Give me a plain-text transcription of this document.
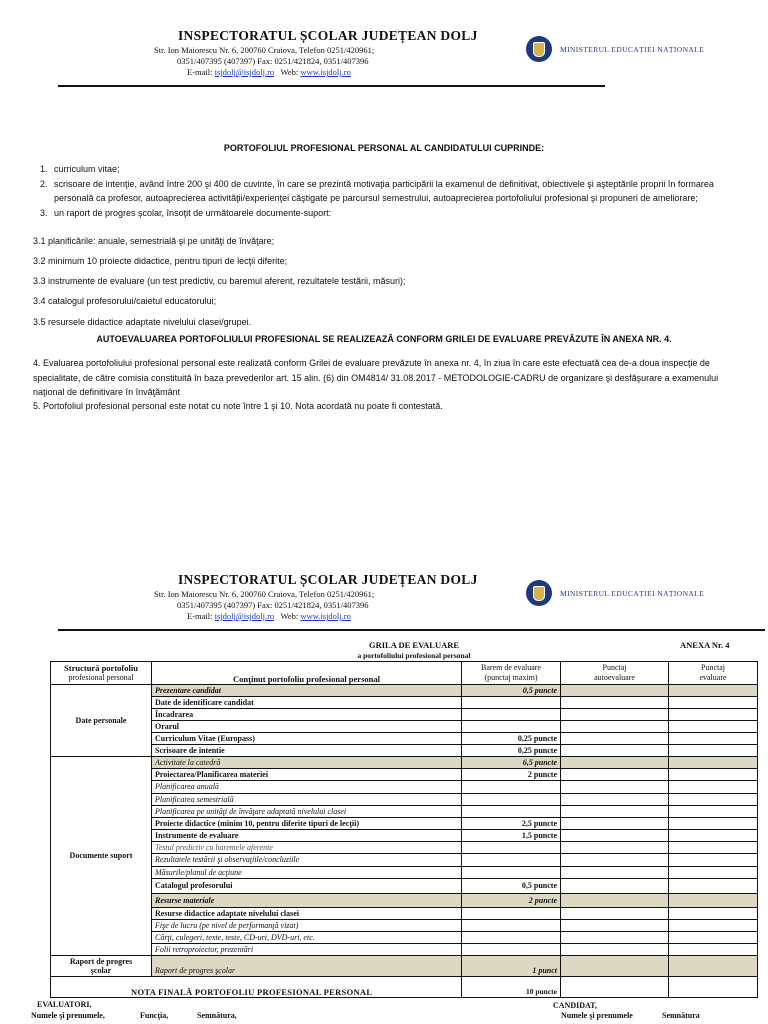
INSPECTORATUL ȘCOLAR JUDEȚEAN DOLJ
Str. Ion Maiorescu Nr. 6, 200760 Craiova, Telefon 0251/420961;
0351/407395 (407397) Fax: 0251/421824, 0351/407396
E-mail: isjdolj@isjdolj.ro Web: www.isjdolj.ro
MINISTERUL EDUCAȚIEI NAȚIONALE
PORTOFOLIUL PROFESIONAL PERSONAL AL CANDIDATULUI CUPRINDE:
1. curriculum vitae;
2. scrisoare de intenţie, având între 200 şi 400 de cuvinte, în care se prezintă motivaţia participării la examenul de definitivat, obiectivele şi aşteptările proprii în formarea personală ca profesor, autoaprecierea activităţii/experienţei căştigate pe parcursul semestrului, autoaprecierea portofoliului profesional şi propuneri de ameliorare;
3. un raport de progres şcolar, însoţit de următoarele documente-suport:
3.1 planificările: anuale, semestrială şi pe unităţi de învăţare;
3.2 minimum 10 proiecte didactice, pentru tipuri de lecţii diferite;
3.3 instrumente de evaluare (un test predictiv, cu baremul aferent, rezultatele testării, măsuri);
3.4 catalogul profesorului/caietul educatorului;
3.5 resursele didactice adaptate nivelului clasei/grupei.
AUTOEVALUAREA PORTOFOLIULUI PROFESIONAL SE REALIZEAZĂ CONFORM GRILEI DE EVALUARE PREVĂZUTE ÎN ANEXA NR. 4.
4. Evaluarea portofoliului profesional personal este realizată conform Grilei de evaluare prevăzute în anexa nr. 4, în ziua în care este efectuată cea de-a doua inspecţie de specialitate, de către comisia constituită în baza prevederilor art. 15 alin. (6) din OM4814/ 31.08.2017 - METODOLOGIE-CADRU de organizare şi desfăşurare a examenului naţional de definitivare în învăţământ
5. Portofoliul profesional personal este notat cu note între 1 şi 10. Nota acordată nu poate fi contestată.
INSPECTORATUL ȘCOLAR JUDEȚEAN DOLJ
Str. Ion Maiorescu Nr. 6, 200760 Craiova, Telefon 0251/420961;
0351/407395 (407397) Fax: 0251/421824, 0351/407396
E-mail: isjdolj@isjdolj.ro Web: www.isjdolj.ro
MINISTERUL EDUCAȚIEI NAȚIONALE
GRILA DE EVALUARE	ANEXA Nr. 4
a portofoliului profesional personal
Structură portofoliu
profesional personal	Conţinut portofoliu profesional personal	
Barem de evaluare
(punctaj maxim)

Punctaj
autoevaluare

Punctaj
evaluare

Date personale	Prezentare candidat	0,5 puncte		
	Date de identificare candidat			
	Încadrarea			
	Orarul			
	Curriculum Vitae (Europass)	0,25 puncte		
	Scrisoare de intentie	0,25 puncte		
Documente suport	Activitate la catedră	6,5 puncte		
	Proiectarea/Planificarea materiei	2 puncte		
	Planificarea anuală			
	Planificarea semestrială			
	Planificarea pe unităţi de învăţare adaptată nivelului clasei			
	Proiecte didactice (minim 10, pentru diferite tipuri de lecţii)	2,5 puncte		
	Instrumente de evaluare	1,5 puncte		
	Testul predictiv cu baremele aferente			
	Rezultatele testării şi observaţiile/concluziile			
	Măsurile/planul de acţiune			
	Catalogul profesorului	0,5 puncte		
	Resurse materiale	2 puncte		
	Resurse didactice adaptate nivelului clasei			
	Fişe de lucru (pe nivel de performanţă vizat)			
	Cărţi, culegeri, texte, teste, CD-uri, DVD-uri, etc.			
	Folii retroproiector, prezentări			

Raport de progres
şcolar	Raport de progres şcolar	1 punct		
NOTA FINALĂ PORTOFOLIU PROFESIONAL PERSONAL		10 puncte		
EVALUATORI,
Numele şi prenumele,	Funcţia,	Semnătura,
CANDIDAT,
Numele şi prenumele	Semnătura
